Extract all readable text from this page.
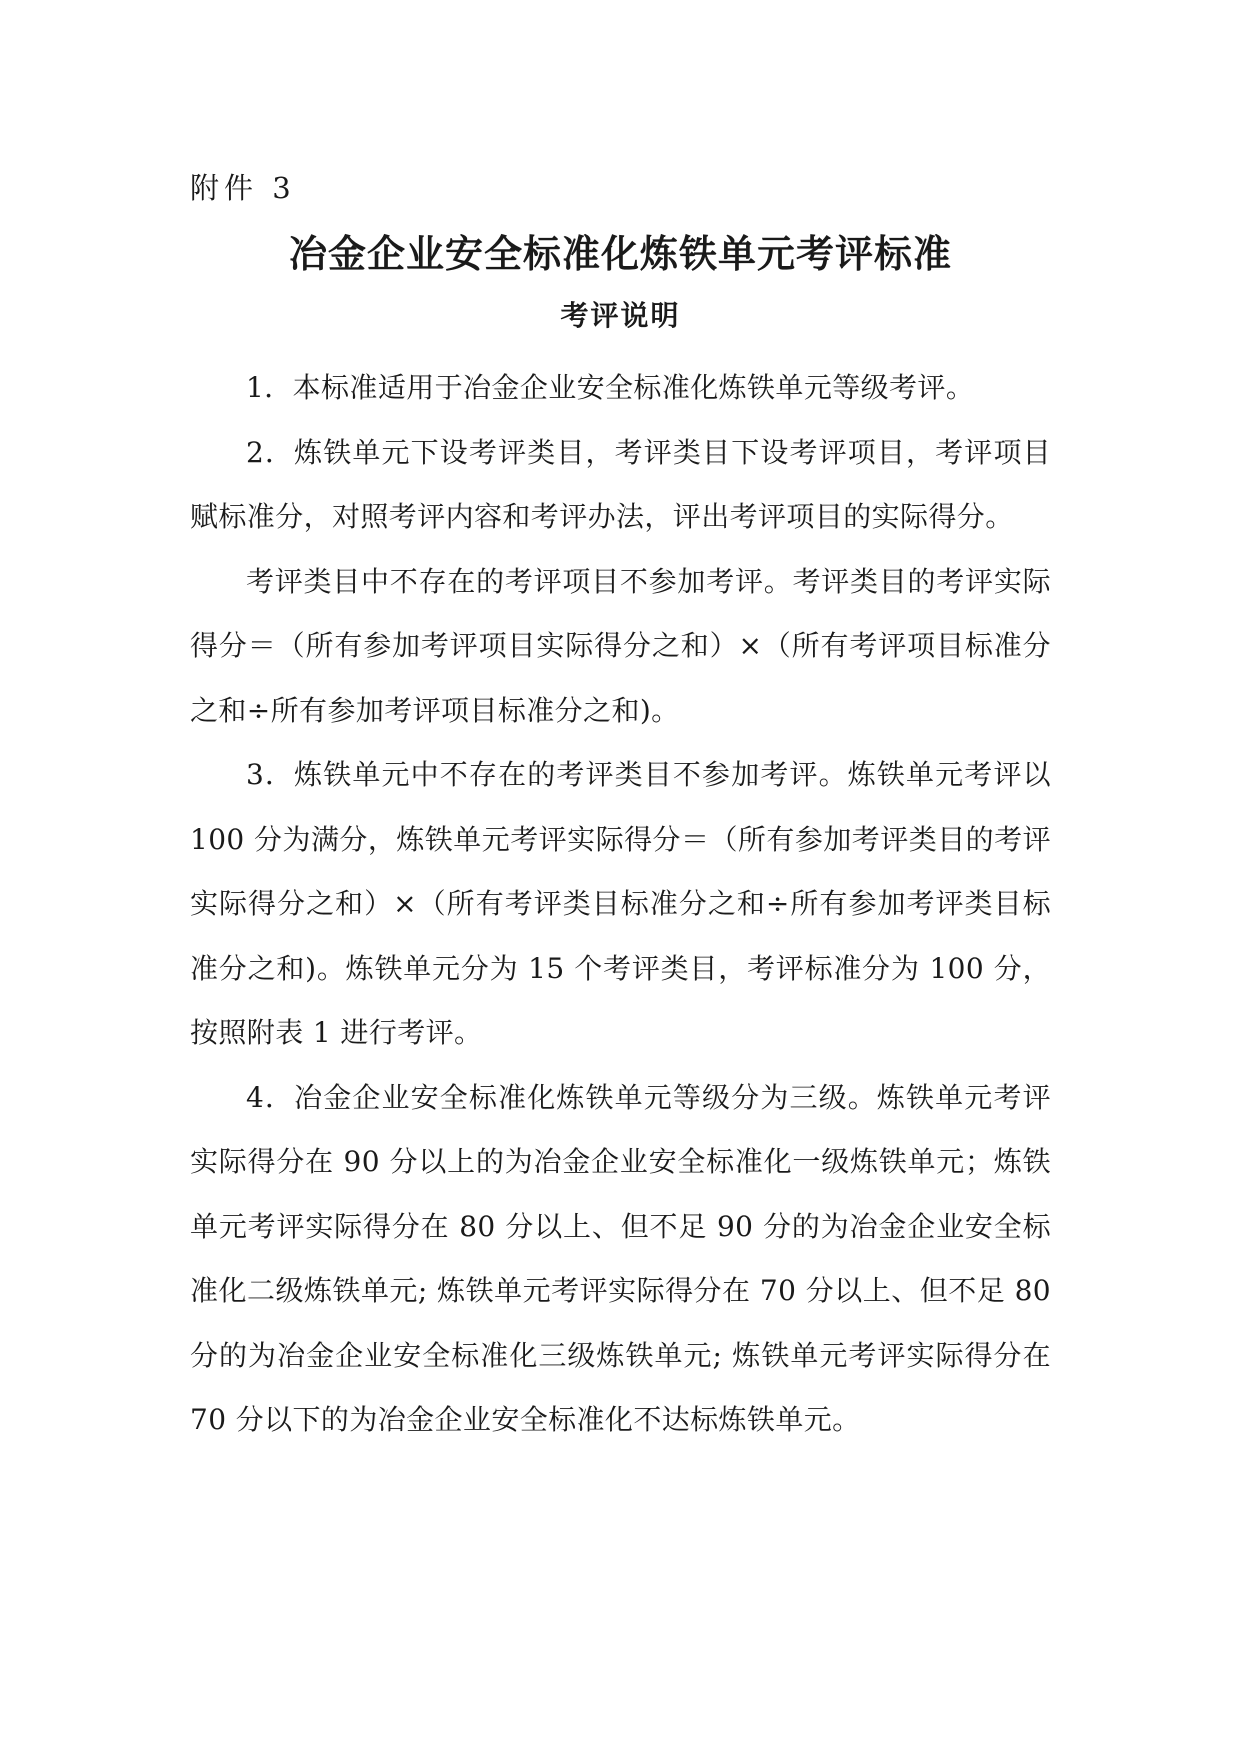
附件 3
冶金企业安全标准化炼铁单元考评标准
考评说明

1．本标准适用于冶金企业安全标准化炼铁单元等级考评。

2．炼铁单元下设考评类目，考评类目下设考评项目，考评项目赋标准分，对照考评内容和考评办法，评出考评项目的实际得分。

考评类目中不存在的考评项目不参加考评。考评类目的考评实际得分＝（所有参加考评项目实际得分之和）×（所有考评项目标准分之和÷所有参加考评项目标准分之和)。

3．炼铁单元中不存在的考评类目不参加考评。炼铁单元考评以 100 分为满分，炼铁单元考评实际得分＝（所有参加考评类目的考评实际得分之和）×（所有考评类目标准分之和÷所有参加考评类目标准分之和)。炼铁单元分为 15 个考评类目，考评标准分为 100 分，按照附表 1 进行考评。

4．冶金企业安全标准化炼铁单元等级分为三级。炼铁单元考评实际得分在 90 分以上的为冶金企业安全标准化一级炼铁单元；炼铁单元考评实际得分在 80 分以上、但不足 90 分的为冶金企业安全标准化二级炼铁单元; 炼铁单元考评实际得分在 70 分以上、但不足 80 分的为冶金企业安全标准化三级炼铁单元; 炼铁单元考评实际得分在 70 分以下的为冶金企业安全标准化不达标炼铁单元。
